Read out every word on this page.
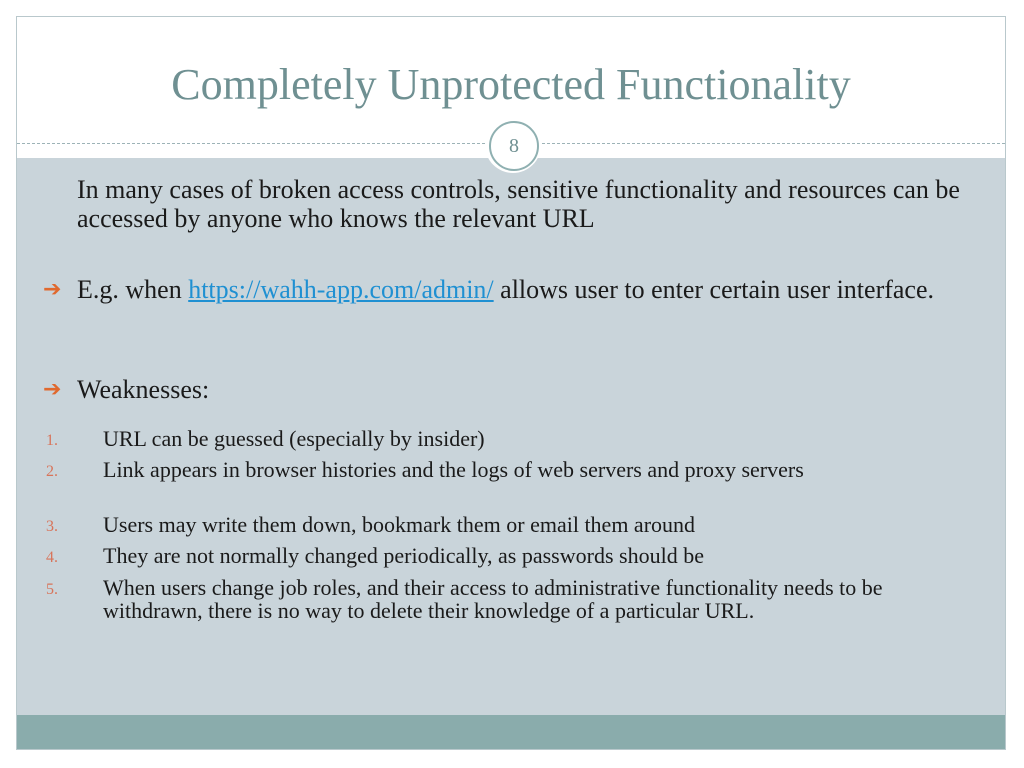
Completely Unprotected Functionality
8
In many cases of broken access controls, sensitive functionality and resources can be accessed by anyone who knows the relevant URL
➔ E.g. when https://wahh-app.com/admin/ allows user to enter certain user interface.
➔ Weaknesses:
1. URL can be guessed (especially by insider)
2. Link appears in browser histories and the logs of web servers and proxy servers
3. Users may write them down, bookmark them or email them around
4. They are not normally changed periodically, as passwords should be
5. When users change job roles, and their access to administrative functionality needs to be withdrawn, there is no way to delete their knowledge of a particular URL.
